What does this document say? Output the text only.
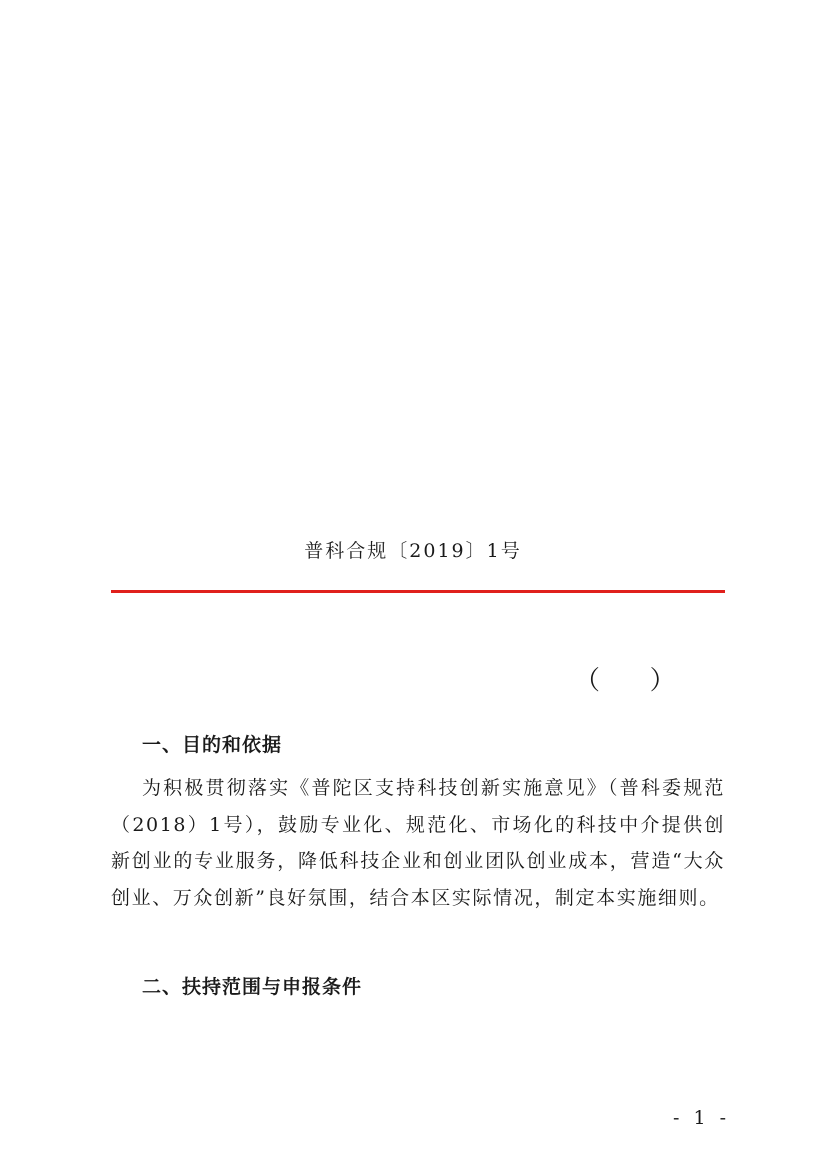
普科合规〔2019〕1号
（      ）
一、目的和依据

为积极贯彻落实《普陀区支持科技创新实施意见》（普科委规范（2018）1号），鼓励专业化、规范化、市场化的科技中介提供创新创业的专业服务，降低科技企业和创业团队创业成本，营造“大众创业、万众创新”良好氛围，结合本区实际情况，制定本实施细则。

二、扶持范围与申报条件
- 1 -
